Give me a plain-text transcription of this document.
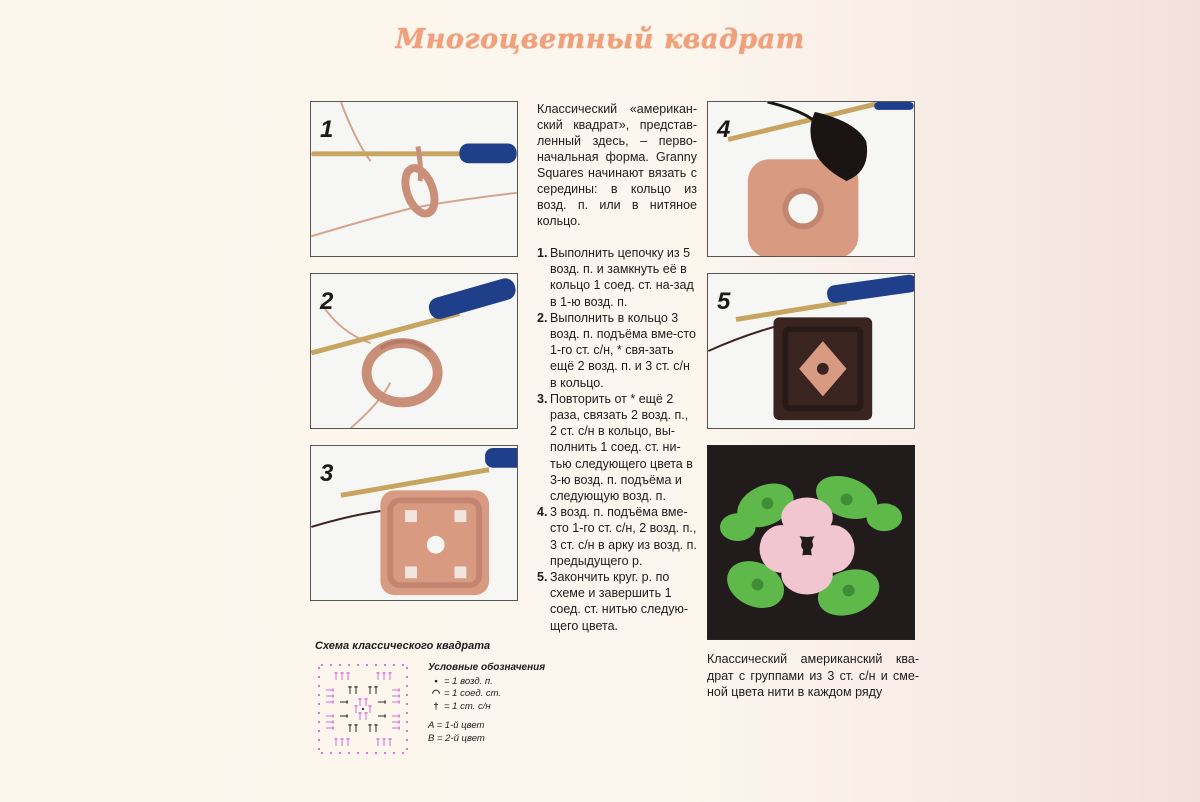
Многоцветный квадрат
1
2
3
4
5
Классический «американ-ский квадрат», представ-ленный здесь, – перво-начальная форма. Granny Squares начинают вязать с середины: в кольцо из возд. п. или в нитяное кольцо.
1. Выполнить цепочку из 5 возд. п. и замкнуть её в кольцо 1 соед. ст. на-зад в 1-ю возд. п.
2. Выполнить в кольцо 3 возд. п. подъёма вме-сто 1-го ст. с/н, * свя-зать ещё 2 возд. п. и 3 ст. с/н в кольцо.
3. Повторить от * ещё 2 раза, связать 2 возд. п., 2 ст. с/н в кольцо, вы-полнить 1 соед. ст. ни-тью следующего цвета в 3-ю возд. п. подъёма и следующую возд. п.
4. 3 возд. п. подъёма вме-сто 1-го ст. с/н, 2 возд. п., 3 ст. с/н в арку из возд. п. предыдущего р.
5. Закончить круг. р. по схеме и завершить 1 соед. ст. нитью следую-щего цвета.
Классический американский ква-драт с группами из 3 ст. с/н и сме-ной цвета нити в каждом ряду
Схема классического квадрата
Условные обозначения
• = 1 возд. п.
◠ = 1 соед. ст.
† = 1 ст. с/н
A = 1-й цвет
B = 2-й цвет
